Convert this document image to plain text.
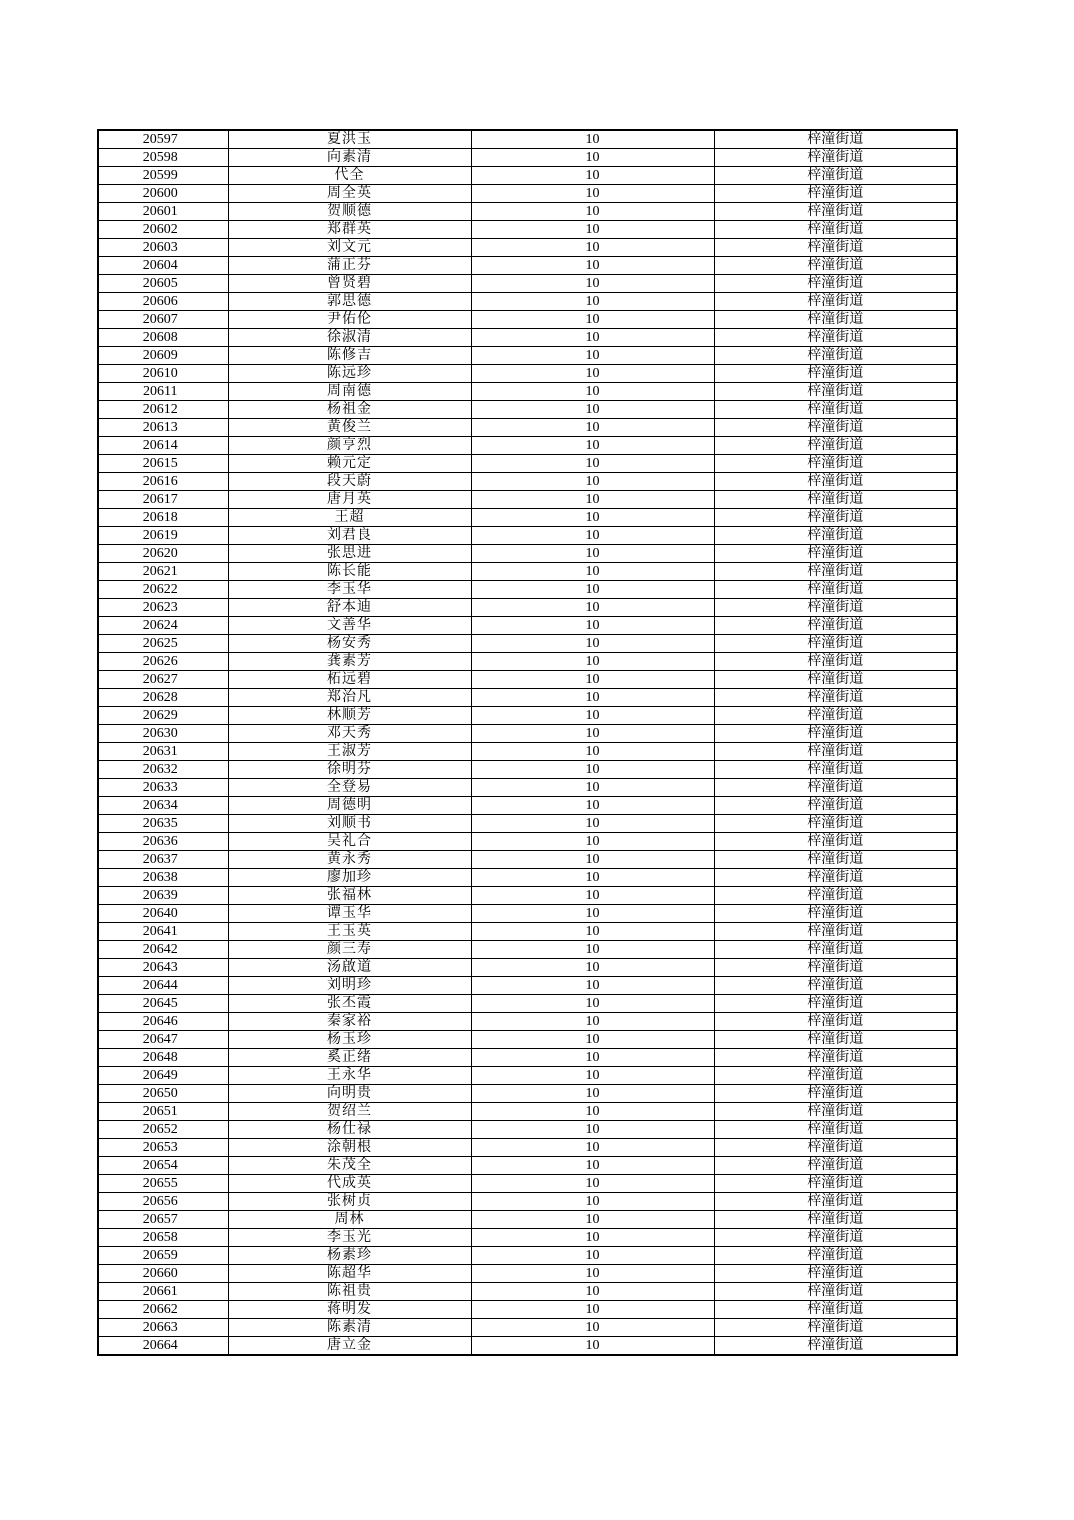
20597	夏洪玉	10	梓潼街道
20598	向素清	10	梓潼街道
20599	代全	10	梓潼街道
20600	周全英	10	梓潼街道
20601	贺顺德	10	梓潼街道
20602	郑群英	10	梓潼街道
20603	刘文元	10	梓潼街道
20604	蒲正芬	10	梓潼街道
20605	曾贤碧	10	梓潼街道
20606	郭思德	10	梓潼街道
20607	尹佑伦	10	梓潼街道
20608	徐淑清	10	梓潼街道
20609	陈修吉	10	梓潼街道
20610	陈远珍	10	梓潼街道
20611	周南德	10	梓潼街道
20612	杨祖金	10	梓潼街道
20613	黄俊兰	10	梓潼街道
20614	颜亨烈	10	梓潼街道
20615	赖元定	10	梓潼街道
20616	段天蔚	10	梓潼街道
20617	唐月英	10	梓潼街道
20618	王超	10	梓潼街道
20619	刘君良	10	梓潼街道
20620	张思进	10	梓潼街道
20621	陈长能	10	梓潼街道
20622	李玉华	10	梓潼街道
20623	舒本迪	10	梓潼街道
20624	文善华	10	梓潼街道
20625	杨安秀	10	梓潼街道
20626	龚素芳	10	梓潼街道
20627	柘远碧	10	梓潼街道
20628	郑治凡	10	梓潼街道
20629	林顺芳	10	梓潼街道
20630	邓天秀	10	梓潼街道
20631	王淑芳	10	梓潼街道
20632	徐明芬	10	梓潼街道
20633	全登易	10	梓潼街道
20634	周德明	10	梓潼街道
20635	刘顺书	10	梓潼街道
20636	吴礼合	10	梓潼街道
20637	黄永秀	10	梓潼街道
20638	廖加珍	10	梓潼街道
20639	张福林	10	梓潼街道
20640	谭玉华	10	梓潼街道
20641	王玉英	10	梓潼街道
20642	颜三寿	10	梓潼街道
20643	汤啟道	10	梓潼街道
20644	刘明珍	10	梓潼街道
20645	张丕霞	10	梓潼街道
20646	秦家裕	10	梓潼街道
20647	杨玉珍	10	梓潼街道
20648	奚正绪	10	梓潼街道
20649	王永华	10	梓潼街道
20650	向明贵	10	梓潼街道
20651	贺绍兰	10	梓潼街道
20652	杨仕禄	10	梓潼街道
20653	涂朝根	10	梓潼街道
20654	朱茂全	10	梓潼街道
20655	代成英	10	梓潼街道
20656	张树贞	10	梓潼街道
20657	周林	10	梓潼街道
20658	李玉光	10	梓潼街道
20659	杨素珍	10	梓潼街道
20660	陈超华	10	梓潼街道
20661	陈祖贵	10	梓潼街道
20662	蒋明发	10	梓潼街道
20663	陈素清	10	梓潼街道
20664	唐立金	10	梓潼街道
